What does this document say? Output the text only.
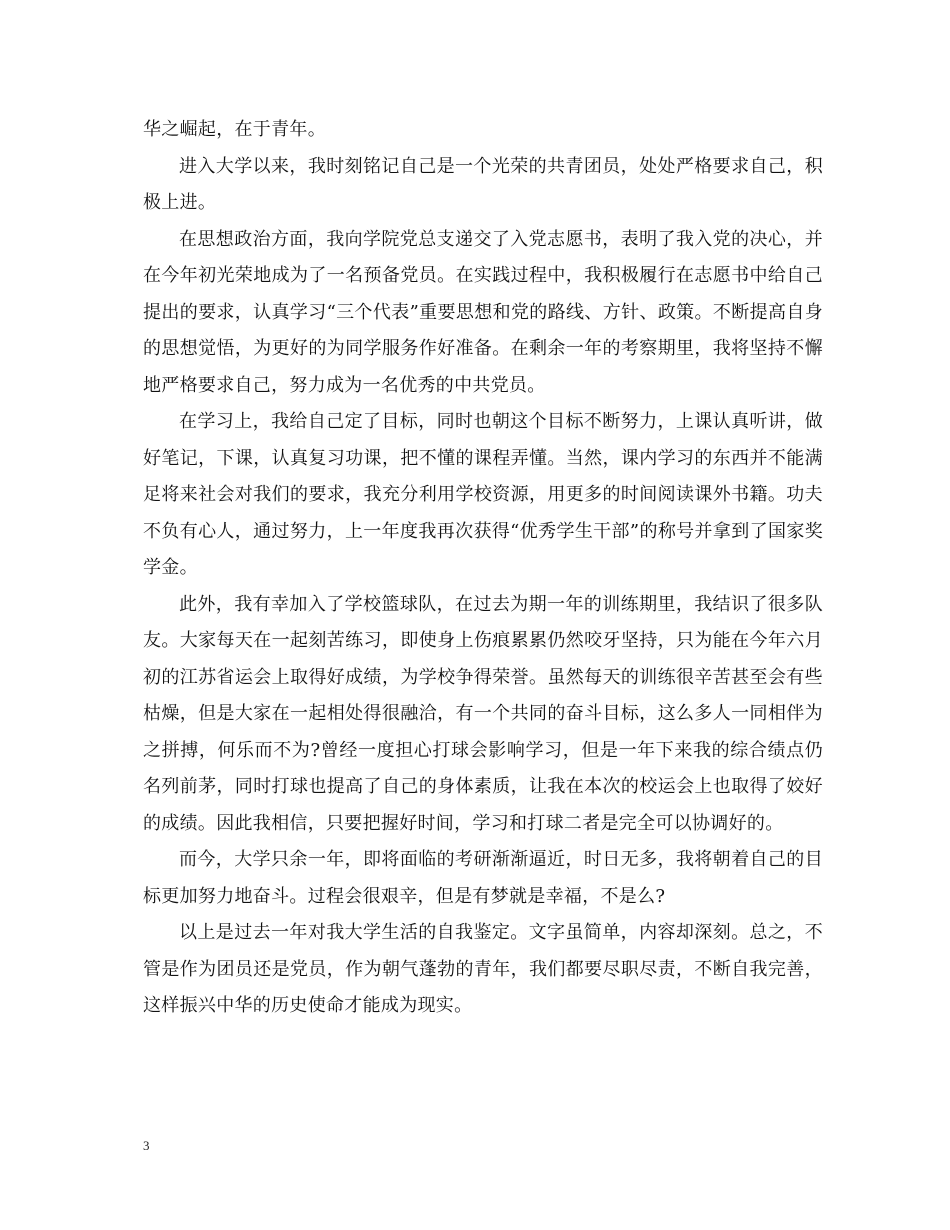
华之崛起，在于青年。

进入大学以来，我时刻铭记自己是一个光荣的共青团员，处处严格要求自己，积极上进。

在思想政治方面，我向学院党总支递交了入党志愿书，表明了我入党的决心，并在今年初光荣地成为了一名预备党员。在实践过程中，我积极履行在志愿书中给自己提出的要求，认真学习“三个代表”重要思想和党的路线、方针、政策。不断提高自身的思想觉悟，为更好的为同学服务作好准备。在剩余一年的考察期里，我将坚持不懈地严格要求自己，努力成为一名优秀的中共党员。

在学习上，我给自己定了目标，同时也朝这个目标不断努力，上课认真听讲，做好笔记，下课，认真复习功课，把不懂的课程弄懂。当然，课内学习的东西并不能满足将来社会对我们的要求，我充分利用学校资源，用更多的时间阅读课外书籍。功夫不负有心人，通过努力，上一年度我再次获得“优秀学生干部”的称号并拿到了国家奖学金。

此外，我有幸加入了学校篮球队，在过去为期一年的训练期里，我结识了很多队友。大家每天在一起刻苦练习，即使身上伤痕累累仍然咬牙坚持，只为能在今年六月初的江苏省运会上取得好成绩，为学校争得荣誉。虽然每天的训练很辛苦甚至会有些枯燥，但是大家在一起相处得很融洽，有一个共同的奋斗目标，这么多人一同相伴为之拼搏，何乐而不为?曾经一度担心打球会影响学习，但是一年下来我的综合绩点仍名列前茅，同时打球也提高了自己的身体素质，让我在本次的校运会上也取得了姣好的成绩。因此我相信，只要把握好时间，学习和打球二者是完全可以协调好的。

而今，大学只余一年，即将面临的考研渐渐逼近，时日无多，我将朝着自己的目标更加努力地奋斗。过程会很艰辛，但是有梦就是幸福，不是么?

以上是过去一年对我大学生活的自我鉴定。文字虽简单，内容却深刻。总之，不管是作为团员还是党员，作为朝气蓬勃的青年，我们都要尽职尽责，不断自我完善，这样振兴中华的历史使命才能成为现实。

3
